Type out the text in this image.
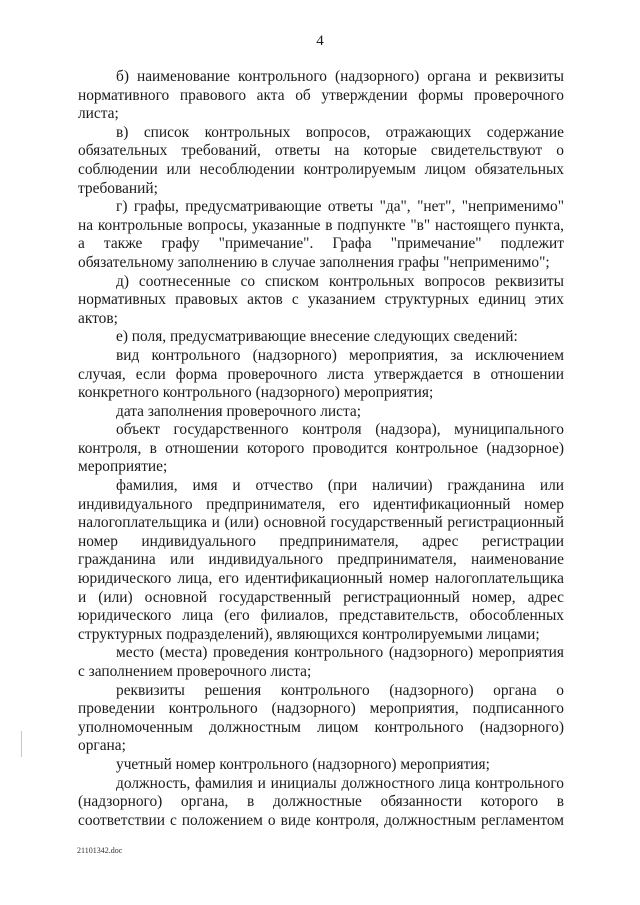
4

б) наименование контрольного (надзорного) органа и реквизиты нормативного правового акта об утверждении формы проверочного листа;

в) список контрольных вопросов, отражающих содержание обязательных требований, ответы на которые свидетельствуют о соблюдении или несоблюдении контролируемым лицом обязательных требований;

г) графы, предусматривающие ответы "да", "нет", "неприменимо" на контрольные вопросы, указанные в подпункте "в" настоящего пункта, а также графу "примечание". Графа "примечание" подлежит обязательному заполнению в случае заполнения графы "неприменимо";

д) соотнесенные со списком контрольных вопросов реквизиты нормативных правовых актов с указанием структурных единиц этих актов;

е) поля, предусматривающие внесение следующих сведений:

вид контрольного (надзорного) мероприятия, за исключением случая, если форма проверочного листа утверждается в отношении конкретного контрольного (надзорного) мероприятия;

дата заполнения проверочного листа;

объект государственного контроля (надзора), муниципального контроля, в отношении которого проводится контрольное (надзорное) мероприятие;

фамилия, имя и отчество (при наличии) гражданина или индивидуального предпринимателя, его идентификационный номер налогоплательщика и (или) основной государственный регистрационный номер индивидуального предпринимателя, адрес регистрации гражданина или индивидуального предпринимателя, наименование юридического лица, его идентификационный номер налогоплательщика и (или) основной государственный регистрационный номер, адрес юридического лица (его филиалов, представительств, обособленных структурных подразделений), являющихся контролируемыми лицами;

место (места) проведения контрольного (надзорного) мероприятия с заполнением проверочного листа;

реквизиты решения контрольного (надзорного) органа о проведении контрольного (надзорного) мероприятия, подписанного уполномоченным должностным лицом контрольного (надзорного) органа;

учетный номер контрольного (надзорного) мероприятия;

должность, фамилия и инициалы должностного лица контрольного (надзорного) органа, в должностные обязанности которого в соответствии с положением о виде контроля, должностным регламентом

21101342.doc
